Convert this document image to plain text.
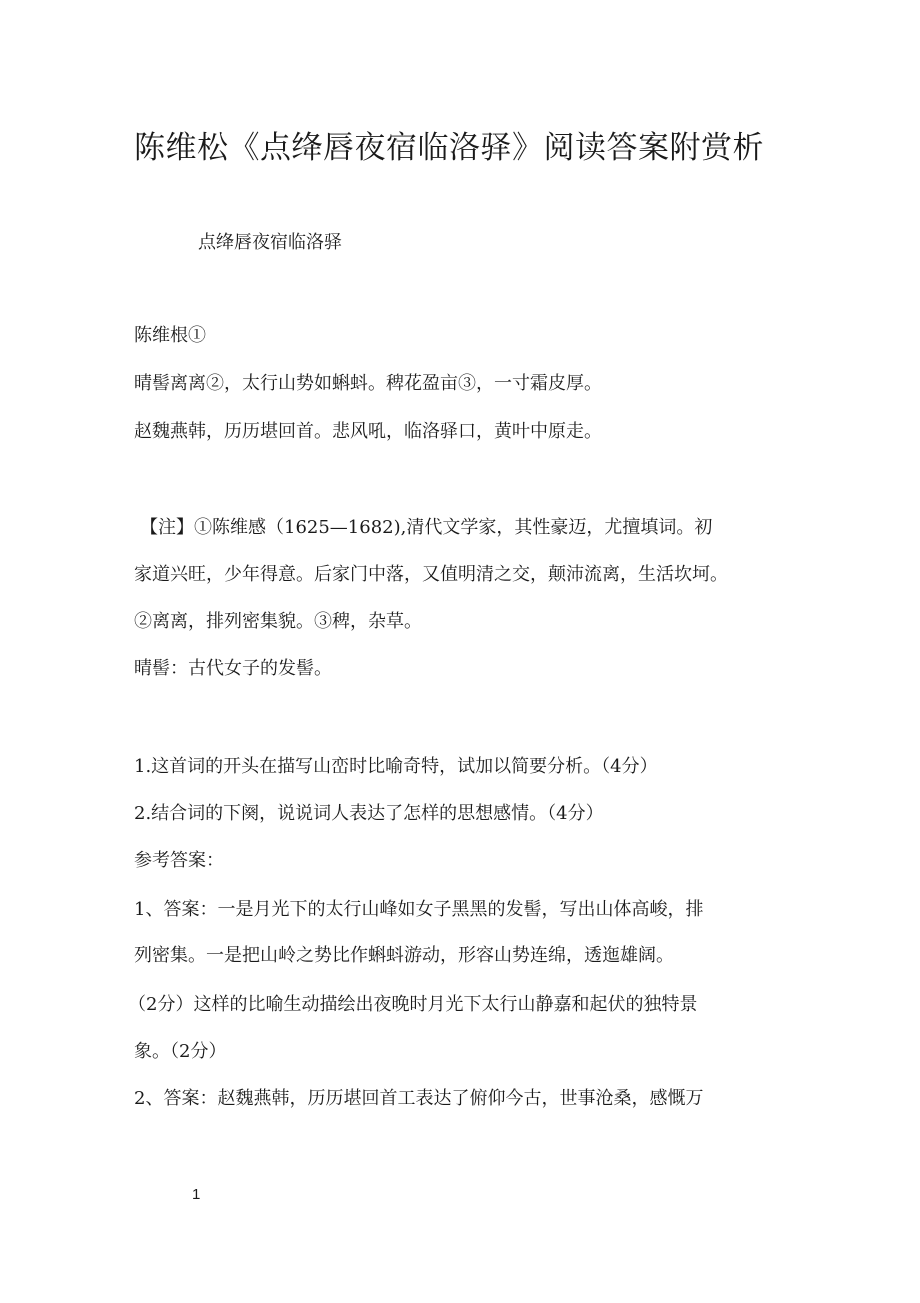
陈维松《点绛唇夜宿临洛驿》阅读答案附赏析
点绛唇夜宿临洛驿
陈维根①
晴髻离离②，太行山势如蝌蚪。稗花盈亩③，一寸霜皮厚。
赵魏燕韩，历历堪回首。悲风吼，临洛驿口，黄叶中原走。
【注】①陈维感（1625—1682),清代文学家，其性豪迈，尤擅填词。初
家道兴旺，少年得意。后家门中落，又值明清之交，颠沛流离，生活坎坷。
②离离，排列密集貌。③稗，杂草。
晴髻：古代女子的发髻。
1.这首词的开头在描写山峦时比喻奇特，试加以简要分析。（4分）
2.结合词的下阕，说说词人表达了怎样的思想感情。（4分）
参考答案：
1、答案：一是月光下的太行山峰如女子黑黑的发髻，写出山体高峻，排
列密集。一是把山岭之势比作蝌蚪游动，形容山势连绵，透迤雄阔。
（2分）这样的比喻生动描绘出夜晚时月光下太行山静嘉和起伏的独特景
象。（2分）
2、答案：赵魏燕韩，历历堪回首工表达了俯仰今古，世事沧桑，感慨万
1
